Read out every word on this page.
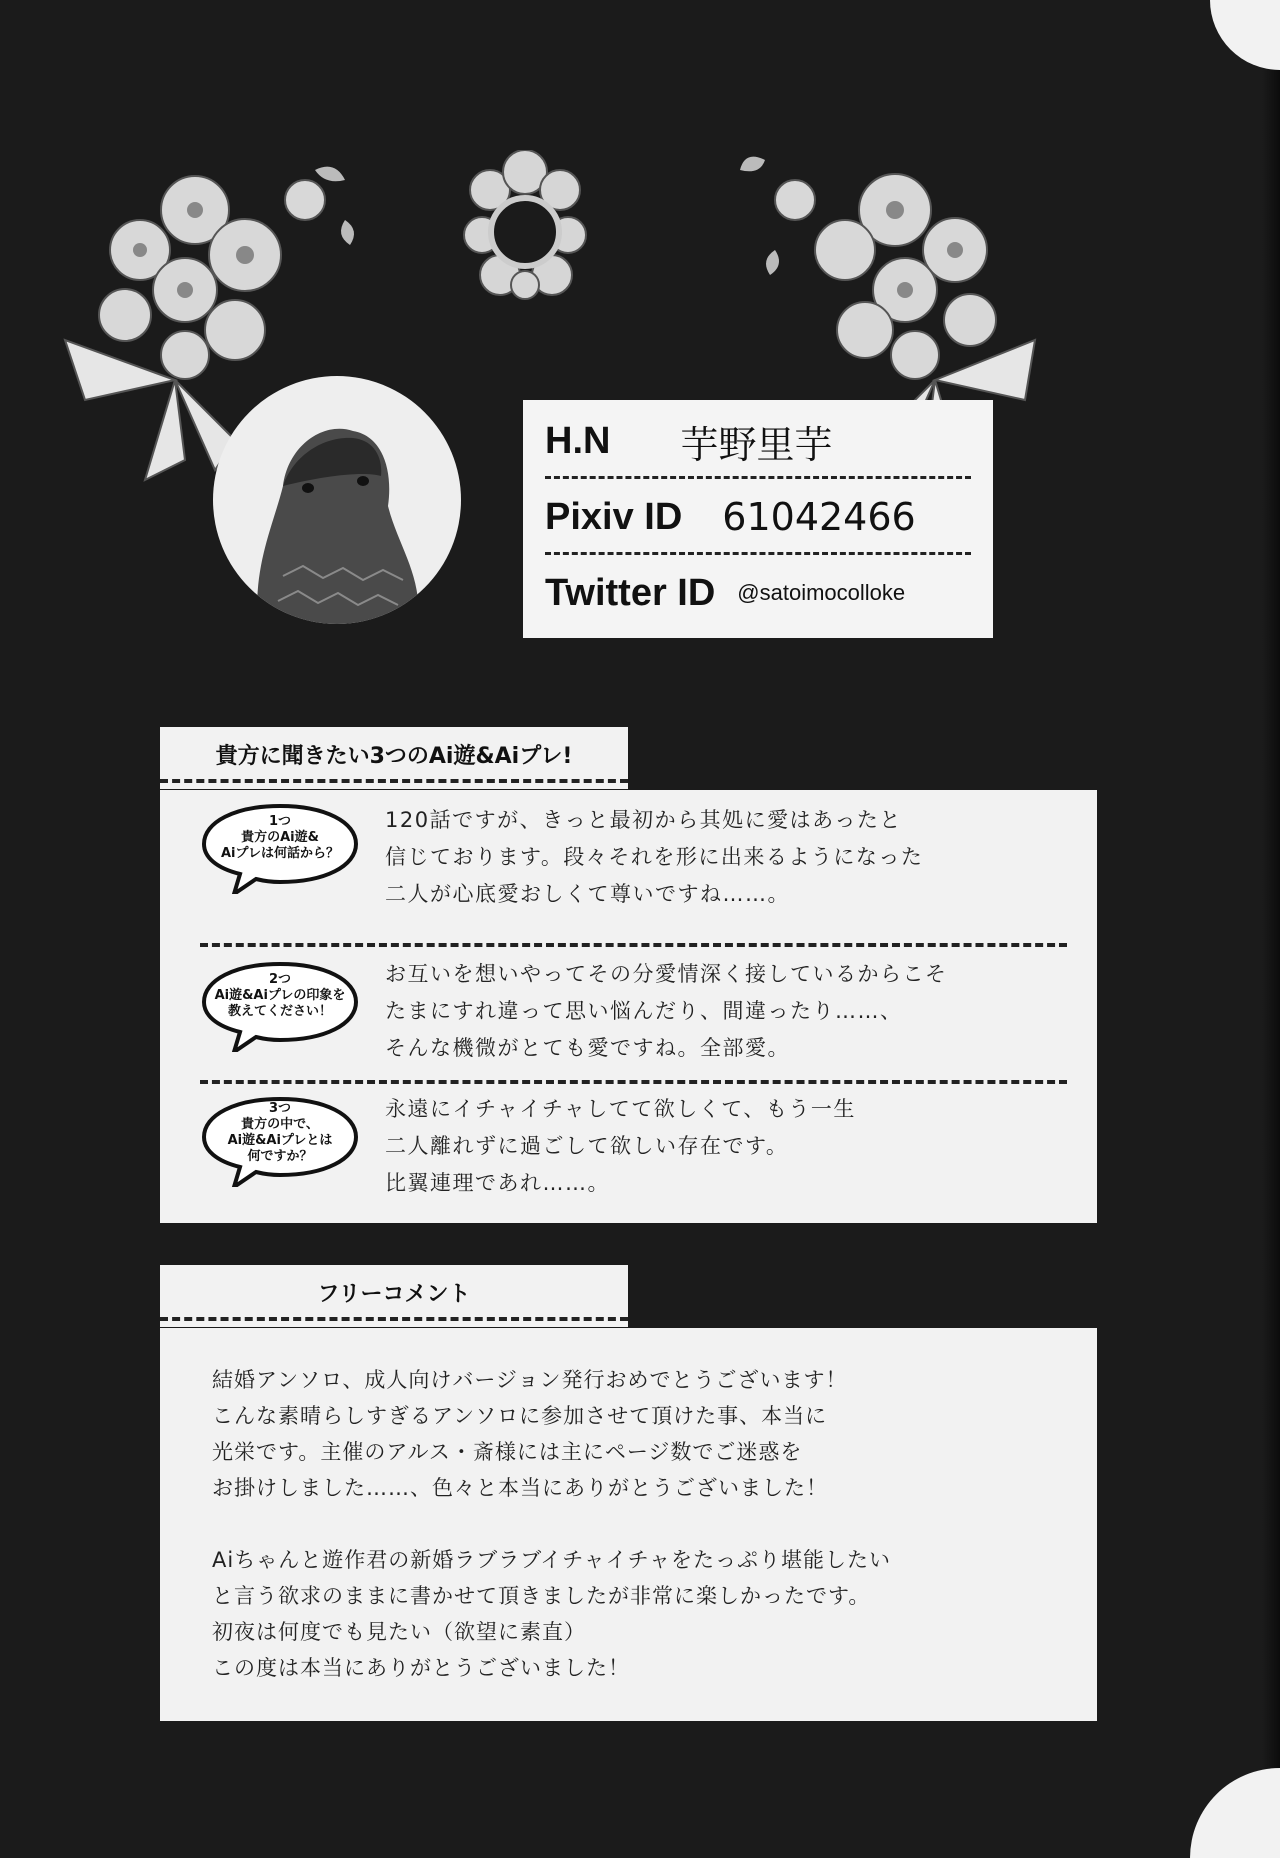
H.N 芋野里芋
Pixiv ID 61042466
Twitter ID @satoimocolloke
貴方に聞きたい3つのAi遊&Aiプレ!
1つ
貴方のAi遊&
Aiプレは何話から？
120話ですが、きっと最初から其処に愛はあったと
信じております。段々それを形に出来るようになった
二人が心底愛おしくて尊いですね……。
2つ
Ai遊&Aiプレの印象を
教えてください！
お互いを想いやってその分愛情深く接しているからこそ
たまにすれ違って思い悩んだり、間違ったり……、
そんな機微がとても愛ですね。全部愛。
3つ
貴方の中で、
Ai遊&Aiプレとは
何ですか？
永遠にイチャイチャしてて欲しくて、もう一生
二人離れずに過ごして欲しい存在です。
比翼連理であれ……。
フリーコメント
結婚アンソロ、成人向けバージョン発行おめでとうございます！
こんな素晴らしすぎるアンソロに参加させて頂けた事、本当に
光栄です。主催のアルス・斎様には主にページ数でご迷惑を
お掛けしました……、色々と本当にありがとうございました！
Aiちゃんと遊作君の新婚ラブラブイチャイチャをたっぷり堪能したい
と言う欲求のままに書かせて頂きましたが非常に楽しかったです。
初夜は何度でも見たい（欲望に素直）
この度は本当にありがとうございました！
